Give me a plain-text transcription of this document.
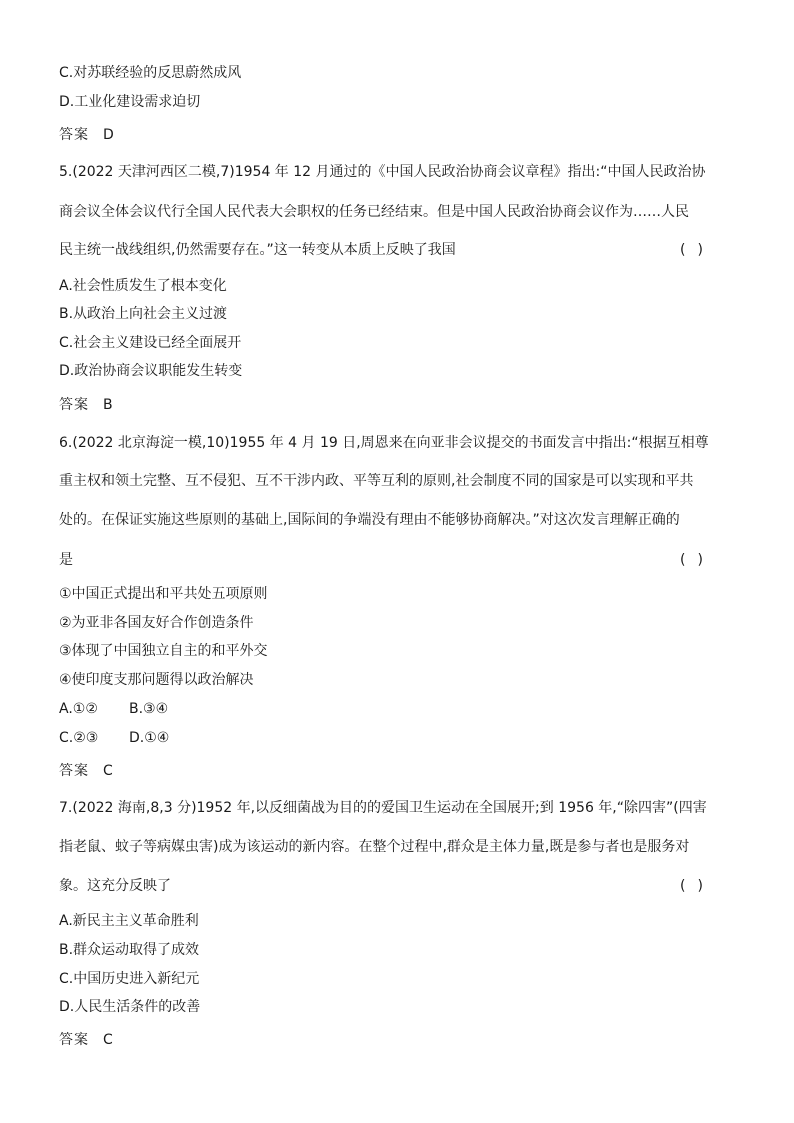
C.对苏联经验的反思蔚然成风
D.工业化建设需求迫切
答案 D
5.(2022 天津河西区二模,7)1954 年 12 月通过的《中国人民政治协商会议章程》指出:“中国人民政治协
商会议全体会议代行全国人民代表大会职权的任务已经结束。但是中国人民政治协商会议作为……人民
民主统一战线组织,仍然需要存在。”这一转变从本质上反映了我国	()
A.社会性质发生了根本变化
B.从政治上向社会主义过渡
C.社会主义建设已经全面展开
D.政治协商会议职能发生转变
答案 B
6.(2022 北京海淀一模,10)1955 年 4 月 19 日,周恩来在向亚非会议提交的书面发言中指出:“根据互相尊
重主权和领土完整、互不侵犯、互不干涉内政、平等互利的原则,社会制度不同的国家是可以实现和平共
处的。在保证实施这些原则的基础上,国际间的争端没有理由不能够协商解决。”对这次发言理解正确的
是	()
①中国正式提出和平共处五项原则
②为亚非各国友好合作创造条件
③体现了中国独立自主的和平外交
④使印度支那问题得以政治解决
A.①② B.③④
C.②③ D.①④
答案 C
7.(2022 海南,8,3 分)1952 年,以反细菌战为目的的爱国卫生运动在全国展开;到 1956 年,“除四害”(四害
指老鼠、蚊子等病媒虫害)成为该运动的新内容。在整个过程中,群众是主体力量,既是参与者也是服务对
象。这充分反映了	()
A.新民主主义革命胜利
B.群众运动取得了成效
C.中国历史进入新纪元
D.人民生活条件的改善
答案 C
